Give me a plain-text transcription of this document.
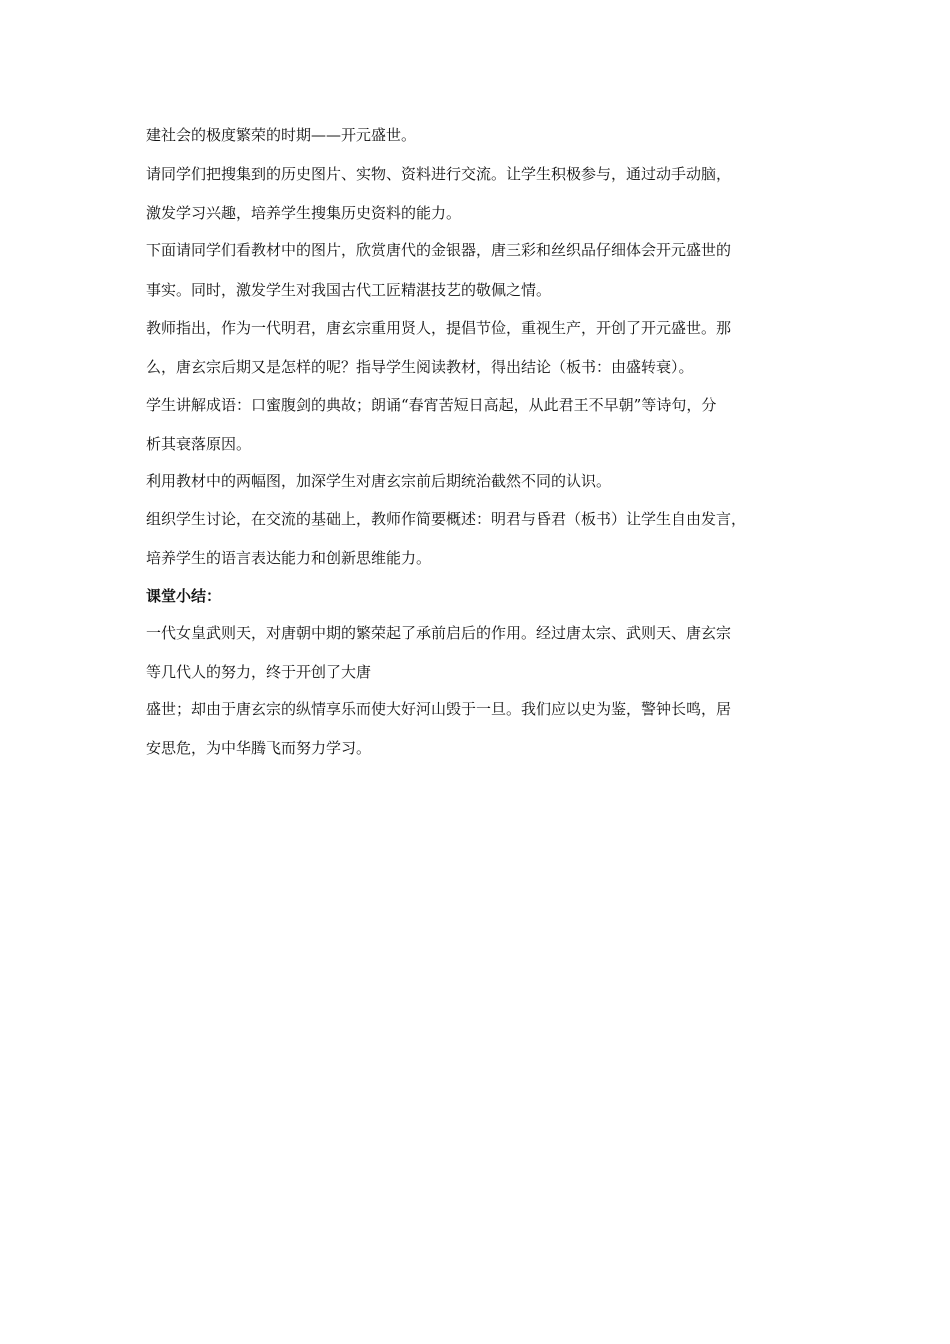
建社会的极度繁荣的时期——开元盛世。
请同学们把搜集到的历史图片、实物、资料进行交流。让学生积极参与，通过动手动脑，
激发学习兴趣，培养学生搜集历史资料的能力。
下面请同学们看教材中的图片，欣赏唐代的金银器，唐三彩和丝织品仔细体会开元盛世的
事实。同时，激发学生对我国古代工匠精湛技艺的敬佩之情。
教师指出，作为一代明君，唐玄宗重用贤人，提倡节俭，重视生产，开创了开元盛世。那
么，唐玄宗后期又是怎样的呢？指导学生阅读教材，得出结论（板书：由盛转衰）。
学生讲解成语：口蜜腹剑的典故；朗诵“春宵苦短日高起，从此君王不早朝”等诗句，分
析其衰落原因。
利用教材中的两幅图，加深学生对唐玄宗前后期统治截然不同的认识。
组织学生讨论，在交流的基础上，教师作简要概述：明君与昏君（板书）让学生自由发言，
培养学生的语言表达能力和创新思维能力。
课堂小结：
一代女皇武则天，对唐朝中期的繁荣起了承前启后的作用。经过唐太宗、武则天、唐玄宗
等几代人的努力，终于开创了大唐
盛世；却由于唐玄宗的纵情享乐而使大好河山毁于一旦。我们应以史为鉴，警钟长鸣，居
安思危，为中华腾飞而努力学习。
